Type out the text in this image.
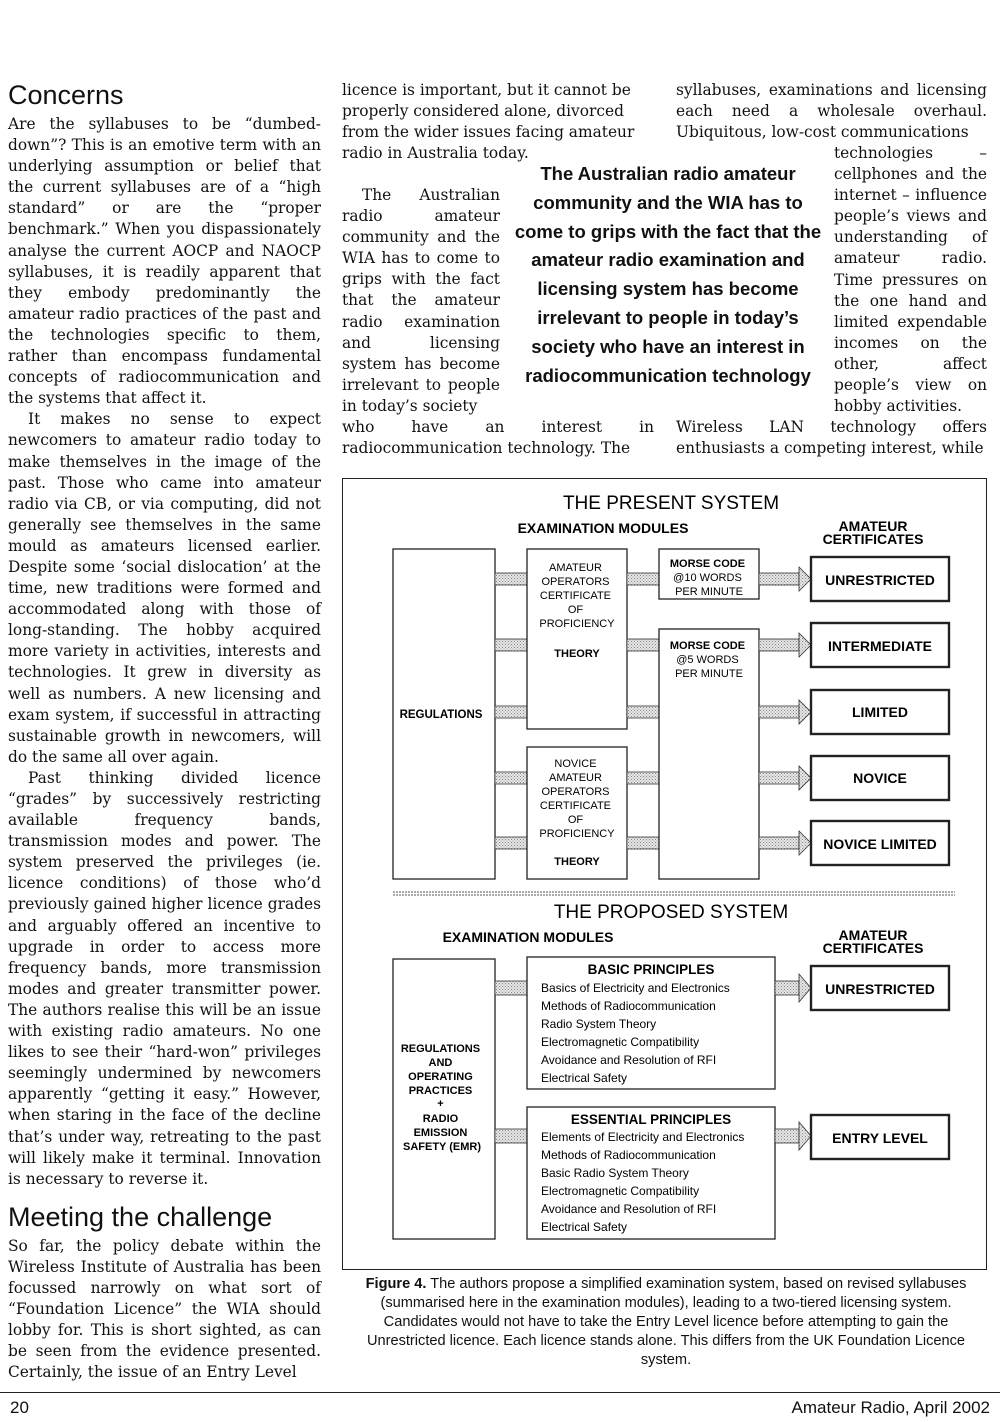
Concerns

Are the syllabuses to be “dumbed-down”? This is an emotive term with an underlying assumption or belief that the current syllabuses are of a “high standard” or are the “proper benchmark.” When you dispassionately analyse the current AOCP and NAOCP syllabuses, it is readily apparent that they embody predominantly the amateur radio practices of the past and the technologies specific to them, rather than encompass fundamental concepts of radiocommunication and the systems that affect it.

It makes no sense to expect newcomers to amateur radio today to make themselves in the image of the past. Those who came into amateur radio via CB, or via computing, did not generally see themselves in the same mould as amateurs licensed earlier. Despite some ‘social dislocation’ at the time, new traditions were formed and accommodated along with those of long-standing. The hobby acquired more variety in activities, interests and technologies. It grew in diversity as well as numbers. A new licensing and exam system, if successful in attracting sustainable growth in newcomers, will do the same all over again.

Past thinking divided licence “grades” by successively restricting available frequency bands, transmission modes and power. The system preserved the privileges (ie. licence conditions) of those who’d previously gained higher licence grades and arguably offered an incentive to upgrade in order to access more frequency bands, more transmission modes and greater transmitter power. The authors realise this will be an issue with existing radio amateurs. No one likes to see their “hard-won” privileges seemingly undermined by newcomers apparently “getting it easy.” However, when staring in the face of the decline that’s under way, retreating to the past will likely make it terminal. Innovation is necessary to reverse it.

Meeting the challenge

So far, the policy debate within the Wireless Institute of Australia has been focussed narrowly on what sort of “Foundation Licence” the WIA should lobby for. This is short sighted, as can be seen from the evidence presented. Certainly, the issue of an Entry Level

licence is important, but it cannot be properly considered alone, divorced from the wider issues facing amateur radio in Australia today.

The Australian radio amateur community and the WIA has to come to grips with the fact that the amateur radio examination and licensing system has become irrelevant to people in today’s society

who have an interest in radiocommunication technology. The

syllabuses, examinations and licensing each need a wholesale overhaul. Ubiquitous, low-cost communications

technologies – cellphones and the internet – influence people’s views and understanding of amateur radio. Time pressures on the one hand and limited expendable incomes on the other, affect people’s view on hobby activities.

Wireless LAN technology offers enthusiasts a competing interest, while

The Australian radio amateur community and the WIA has to come to grips with the fact that the amateur radio examination and licensing system has become irrelevant to people in today’s society who have an interest in radiocommunication technology
THE PRESENT SYSTEM
EXAMINATION MODULES	AMATEUR
CERTIFICATES
REGULATIONS
AMATEUR OPERATORS CERTIFICATE OF PROFICIENCY
THEORY
NOVICE AMATEUR OPERATORS CERTIFICATE OF PROFICIENCY
THEORY
MORSE CODE @10 WORDS PER MINUTE
MORSE CODE @5 WORDS PER MINUTE
UNRESTRICTED
INTERMEDIATE
LIMITED
NOVICE
NOVICE LIMITED
THE PROPOSED SYSTEM
EXAMINATION MODULES	AMATEUR
CERTIFICATES
REGULATIONS AND OPERATING PRACTICES + RADIO EMISSION SAFETY (EMR)
BASIC PRINCIPLES
Basics of Electricity and Electronics Methods of Radiocommunication Radio System Theory Electromagnetic Compatibility Avoidance and Resolution of RFI Electrical Safety
ESSENTIAL PRINCIPLES
Elements of Electricity and Electronics Methods of Radiocommunication Basic Radio System Theory Electromagnetic Compatibility Avoidance and Resolution of RFI Electrical Safety
UNRESTRICTED
ENTRY LEVEL
Figure 4. The authors propose a simplified examination system, based on revised syllabuses (summarised here in the examination modules), leading to a two-tiered licensing system. Candidates would not have to take the Entry Level licence before attempting to gain the Unrestricted licence. Each licence stands alone. This differs from the UK Foundation Licence system.
20	Amateur Radio, April 2002
